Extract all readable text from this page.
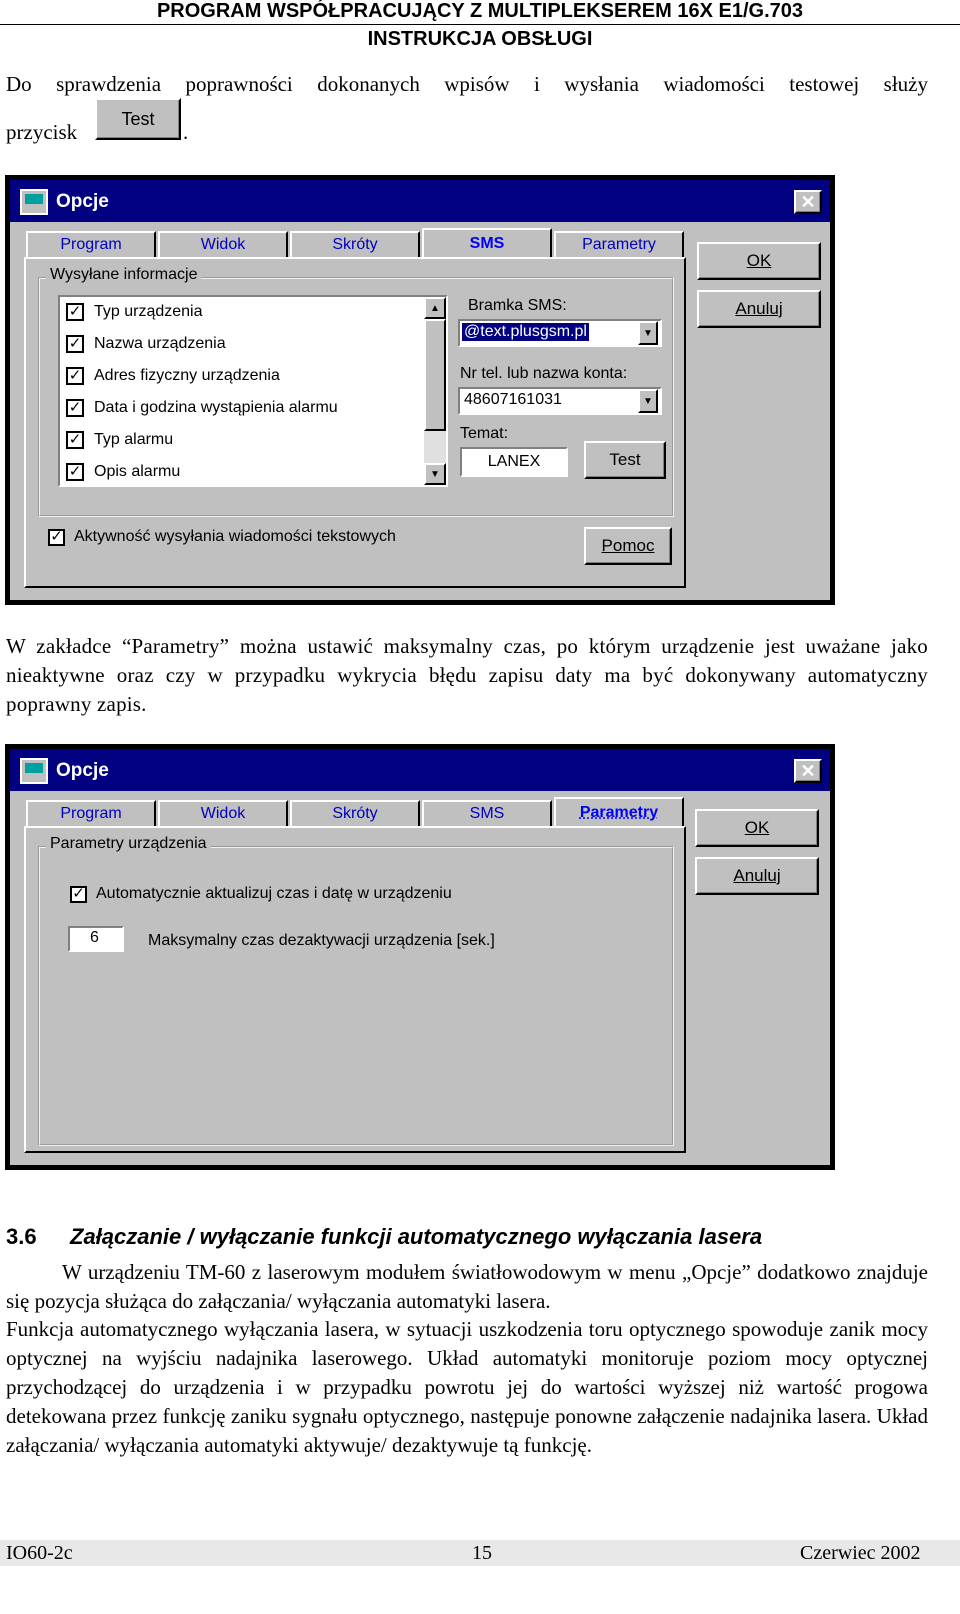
PROGRAM WSPÓŁPRACUJĄCY Z MULTIPLEKSEREM 16X E1/G.703
INSTRUKCJA OBSŁUGI
Do sprawdzenia poprawności dokonanych wpisów i wysłania wiadomości testowej służy
przycisk
Test
.
Opcje	✕
Program	Widok	Skróty	SMS	Parametry
Wysyłane informacje
✓ Typ urządzenia
✓ Nazwa urządzenia
✓ Adres fizyczny urządzenia
✓ Data i godzina wystąpienia alarmu
✓ Typ alarmu
✓ Opis alarmu
▲
▼
Bramka SMS:
@text.plusgsm.pl	▼
Nr tel. lub nazwa konta:
48607161031	▼
Temat:
LANEX	Test
✓ Aktywność wysyłania wiadomości tekstowych	Pomoc
OK
Anuluj
W zakładce “Parametry” można ustawić maksymalny czas, po którym urządzenie jest uważane jako nieaktywne oraz czy w przypadku wykrycia błędu zapisu daty ma być dokonywany automatyczny poprawny zapis.
Opcje	✕
Program	Widok	Skróty	SMS	Parametry
Parametry urządzenia
✓ Automatycznie aktualizuj czas i datę w urządzeniu
6	Maksymalny czas dezaktywacji urządzenia [sek.]
OK
Anuluj
3.6 Załączanie / wyłączanie funkcji automatycznego wyłączania lasera
W urządzeniu TM-60 z laserowym modułem światłowodowym w menu „Opcje” dodatkowo znajduje się pozycja służąca do załączania/ wyłączania automatyki lasera.
Funkcja automatycznego wyłączania lasera, w sytuacji uszkodzenia toru optycznego spowoduje zanik mocy optycznej na wyjściu nadajnika laserowego. Układ automatyki monitoruje poziom mocy optycznej przychodzącej do urządzenia i w przypadku powrotu jej do wartości wyższej niż wartość progowa detekowana przez funkcję zaniku sygnału optycznego, następuje ponowne załączenie nadajnika lasera. Układ załączania/ wyłączania automatyki aktywuje/ dezaktywuje tą funkcję.
IO60-2c	15	Czerwiec 2002
